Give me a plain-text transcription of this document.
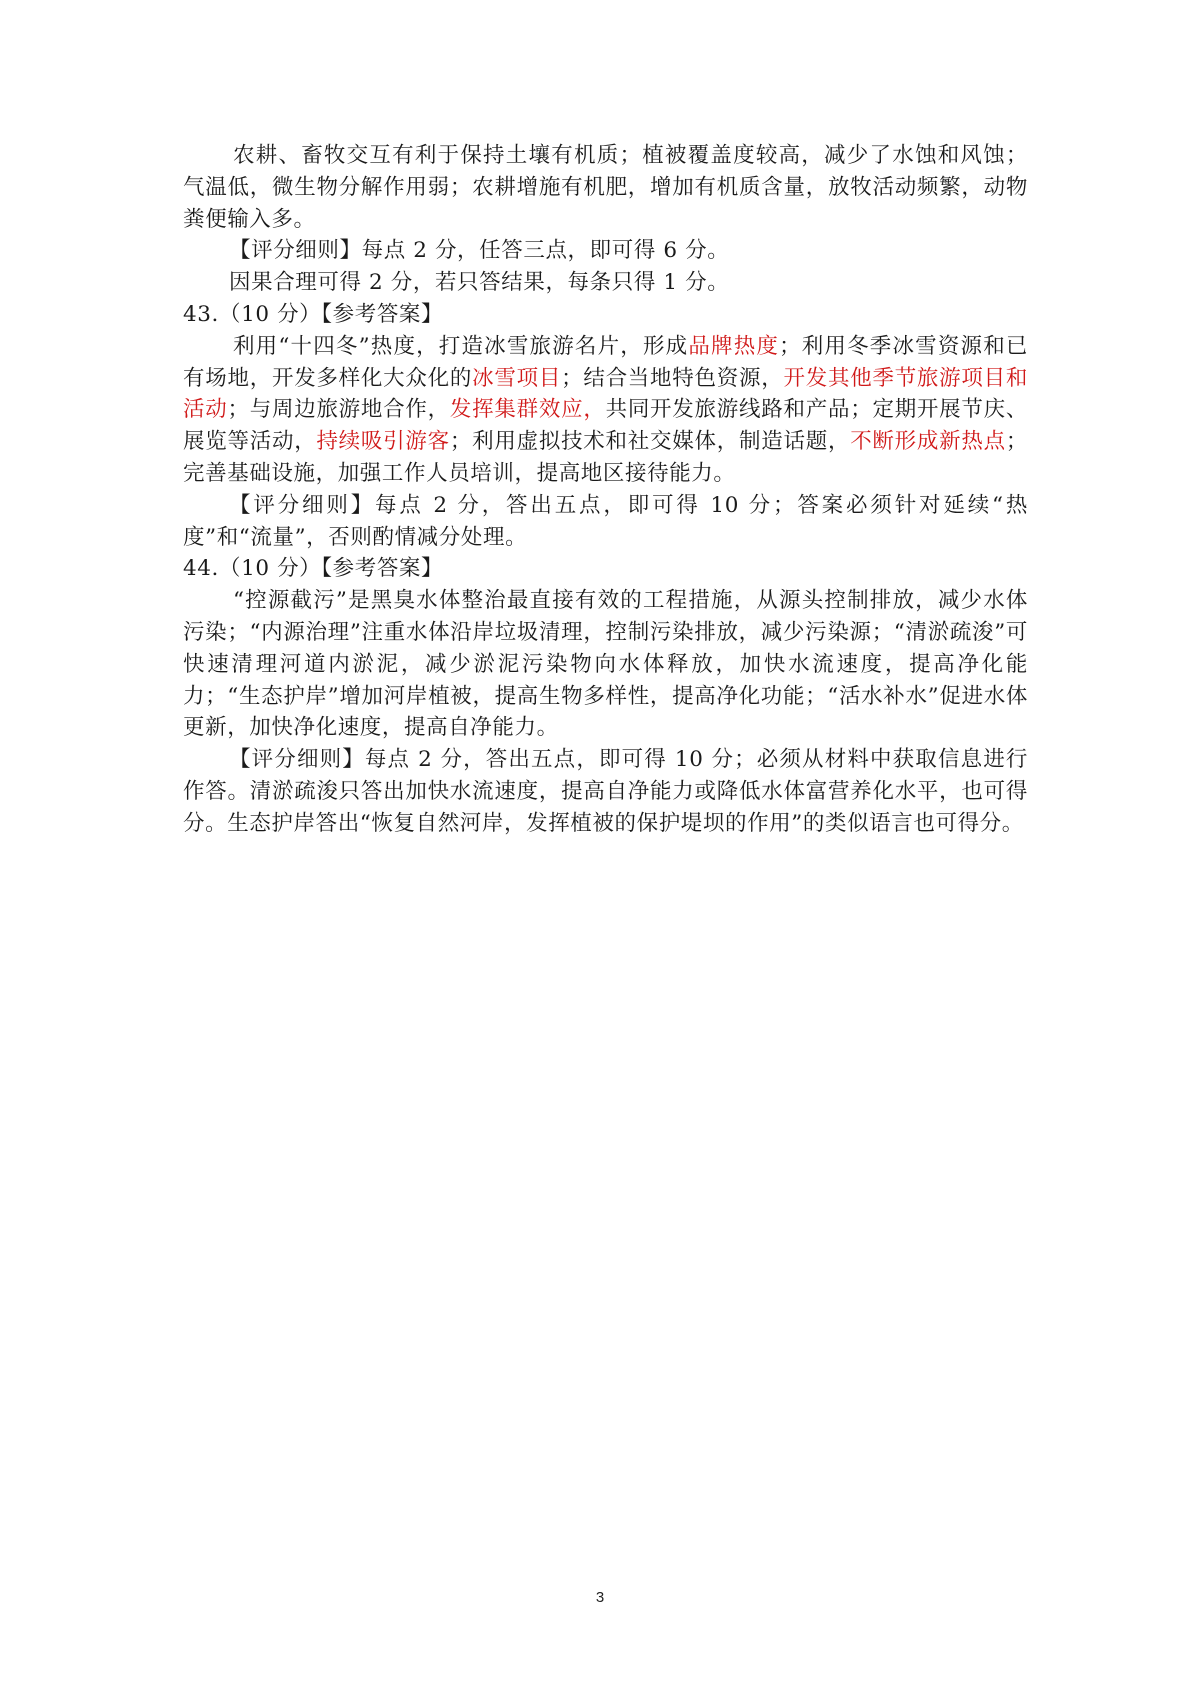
农耕、畜牧交互有利于保持土壤有机质；植被覆盖度较高，减少了水蚀和风蚀；气温低，微生物分解作用弱；农耕增施有机肥，增加有机质含量，放牧活动频繁，动物粪便输入多。

【评分细则】每点 2 分，任答三点，即可得 6 分。

因果合理可得 2 分，若只答结果，每条只得 1 分。

43.（10 分）【参考答案】

利用“十四冬”热度，打造冰雪旅游名片，形成品牌热度；利用冬季冰雪资源和已有场地，开发多样化大众化的冰雪项目；结合当地特色资源，开发其他季节旅游项目和活动；与周边旅游地合作，发挥集群效应，共同开发旅游线路和产品；定期开展节庆、展览等活动，持续吸引游客；利用虚拟技术和社交媒体，制造话题，不断形成新热点；完善基础设施，加强工作人员培训，提高地区接待能力。

【评分细则】每点 2 分，答出五点，即可得 10 分；答案必须针对延续“热度”和“流量”，否则酌情减分处理。

44.（10 分）【参考答案】

“控源截污”是黑臭水体整治最直接有效的工程措施，从源头控制排放，减少水体污染；“内源治理”注重水体沿岸垃圾清理，控制污染排放，减少污染源；“清淤疏浚”可快速清理河道内淤泥，减少淤泥污染物向水体释放，加快水流速度，提高净化能力；“生态护岸”增加河岸植被，提高生物多样性，提高净化功能；“活水补水”促进水体更新，加快净化速度，提高自净能力。

【评分细则】每点 2 分，答出五点，即可得 10 分；必须从材料中获取信息进行作答。清淤疏浚只答出加快水流速度，提高自净能力或降低水体富营养化水平，也可得分。生态护岸答出“恢复自然河岸，发挥植被的保护堤坝的作用”的类似语言也可得分。

3
